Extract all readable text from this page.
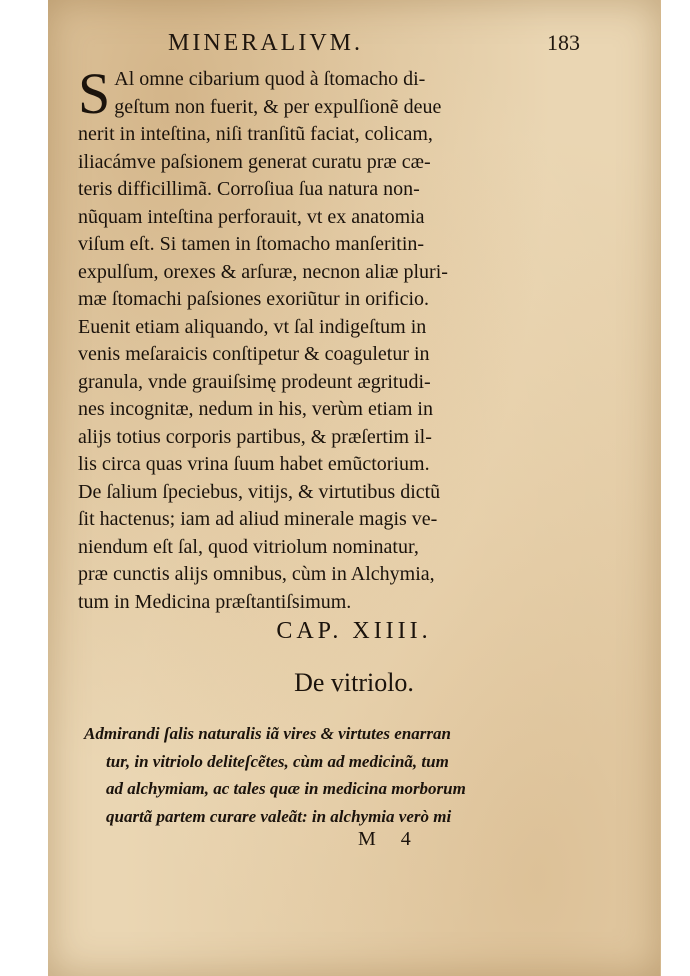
MINERALIVM.	183
S Al omne cibarium quod à ſtomacho di-
geſtum non fuerit, & per expulſionẽ deue
nerit in inteſtina, niſi tranſitũ faciat, colicam,
iliacámve paſsionem generat curatu præ cæ-
teris difficillimã. Corroſiua ſua natura non-
nũquam inteſtina perforauit, vt ex anatomia
viſum eſt. Si tamen in ſtomacho manſeritin-
expulſum, orexes & arſuræ, necnon aliæ pluri-
mæ ſtomachi paſsiones exoriũtur in orificio.
Euenit etiam aliquando, vt ſal indigeſtum in
venis meſaraicis conſtipetur & coaguletur in
granula, vnde grauiſsimę prodeunt ægritudi-
nes incognitæ, nedum in his, verùm etiam in
alijs totius corporis partibus, & præſertim il-
lis circa quas vrina ſuum habet emũctorium.
De ſalium ſpeciebus, vitijs, & virtutibus dictũ
ſit hactenus; iam ad aliud minerale magis ve-
niendum eſt ſal, quod vitriolum nominatur,
præ cunctis alijs omnibus, cùm in Alchymia,
tum in Medicina præſtantiſsimum.
CAP. XIIII.
De vitriolo.
Admirandi ſalis naturalis iã vires & virtutes enarran
tur, in vitriolo deliteſcẽtes, cùm ad medicinã, tum
ad alchymiam, ac tales quæ in medicina morborum
quartã partem curare valeãt: in alchymia verò mi
M 4
